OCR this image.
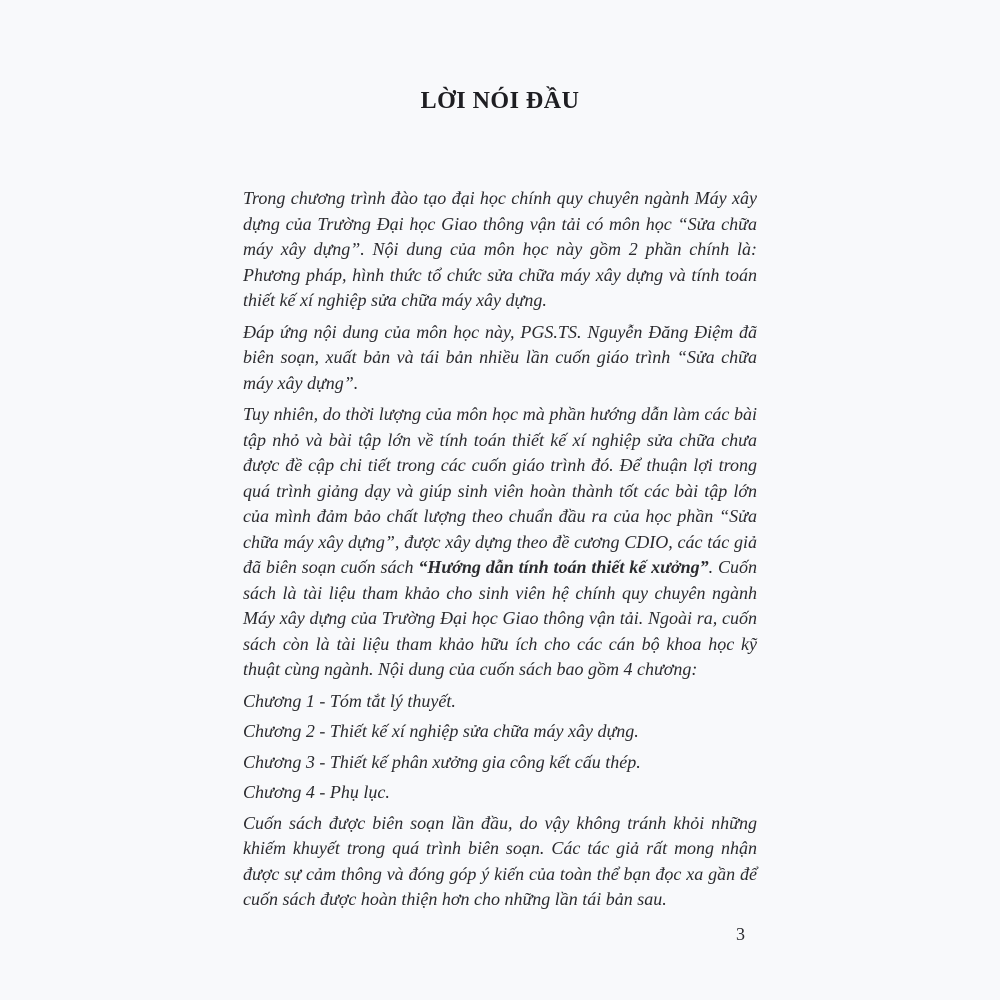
LỜI NÓI ĐẦU

Trong chương trình đào tạo đại học chính quy chuyên ngành Máy xây dựng của Trường Đại học Giao thông vận tải có môn học “Sửa chữa máy xây dựng”. Nội dung của môn học này gồm 2 phần chính là: Phương pháp, hình thức tổ chức sửa chữa máy xây dựng và tính toán thiết kế xí nghiệp sửa chữa máy xây dựng.

Đáp ứng nội dung của môn học này, PGS.TS. Nguyễn Đăng Điệm đã biên soạn, xuất bản và tái bản nhiều lần cuốn giáo trình “Sửa chữa máy xây dựng”.

Tuy nhiên, do thời lượng của môn học mà phần hướng dẫn làm các bài tập nhỏ và bài tập lớn về tính toán thiết kế xí nghiệp sửa chữa chưa được đề cập chi tiết trong các cuốn giáo trình đó. Để thuận lợi trong quá trình giảng dạy và giúp sinh viên hoàn thành tốt các bài tập lớn của mình đảm bảo chất lượng theo chuẩn đầu ra của học phần “Sửa chữa máy xây dựng”, được xây dựng theo đề cương CDIO, các tác giả đã biên soạn cuốn sách “Hướng dẫn tính toán thiết kế xưởng”. Cuốn sách là tài liệu tham khảo cho sinh viên hệ chính quy chuyên ngành Máy xây dựng của Trường Đại học Giao thông vận tải. Ngoài ra, cuốn sách còn là tài liệu tham khảo hữu ích cho các cán bộ khoa học kỹ thuật cùng ngành. Nội dung của cuốn sách bao gồm 4 chương:

Chương 1 - Tóm tắt lý thuyết.

Chương 2 - Thiết kế xí nghiệp sửa chữa máy xây dựng.

Chương 3 - Thiết kế phân xưởng gia công kết cấu thép.

Chương 4 - Phụ lục.

Cuốn sách được biên soạn lần đầu, do vậy không tránh khỏi những khiếm khuyết trong quá trình biên soạn. Các tác giả rất mong nhận được sự cảm thông và đóng góp ý kiến của toàn thể bạn đọc xa gần để cuốn sách được hoàn thiện hơn cho những lần tái bản sau.

3
